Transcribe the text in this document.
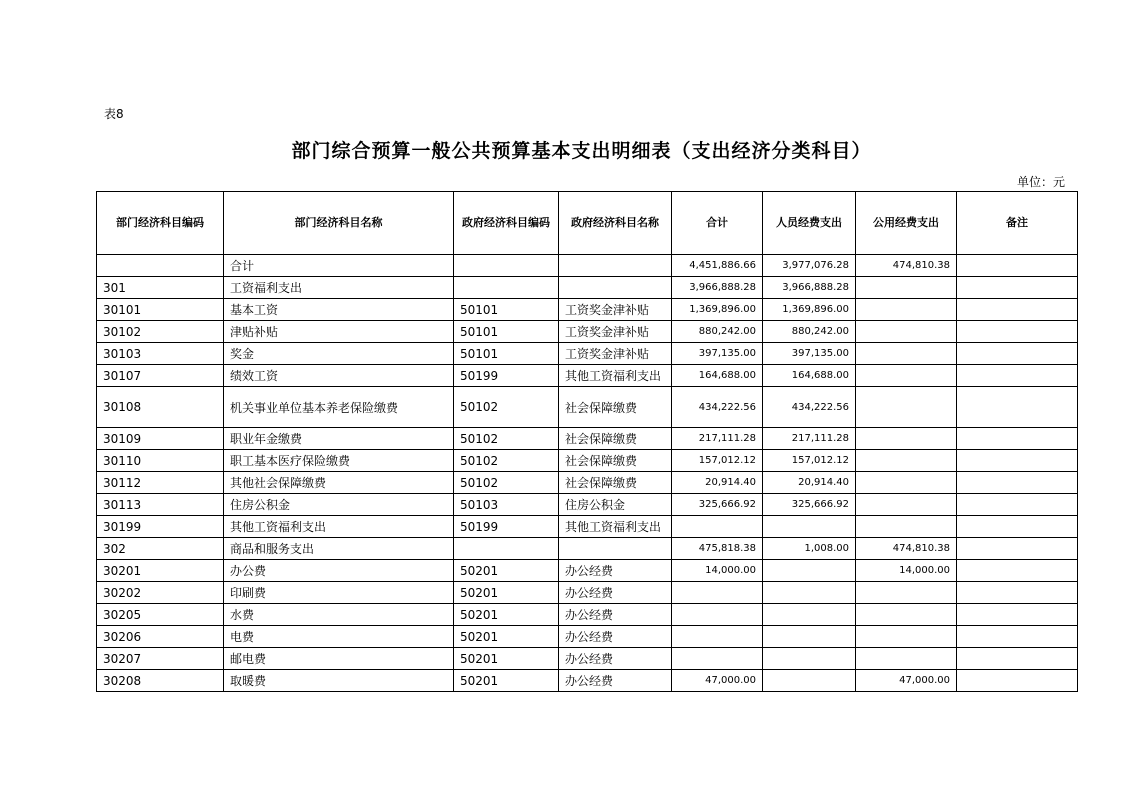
表8
部门综合预算一般公共预算基本支出明细表（支出经济分类科目）
单位：元
部门经济科目编码	部门经济科目名称	政府经济科目编码	政府经济科目名称	合计	人员经费支出	公用经费支出	备注
	合计			4,451,886.66	3,977,076.28	474,810.38	
301	工资福利支出			3,966,888.28	3,966,888.28		
30101	基本工资	50101	工资奖金津补贴	1,369,896.00	1,369,896.00		
30102	津贴补贴	50101	工资奖金津补贴	880,242.00	880,242.00		
30103	奖金	50101	工资奖金津补贴	397,135.00	397,135.00		
30107	绩效工资	50199	其他工资福利支出	164,688.00	164,688.00		
30108	机关事业单位基本养老保险缴费	50102	社会保障缴费	434,222.56	434,222.56		
30109	职业年金缴费	50102	社会保障缴费	217,111.28	217,111.28		
30110	职工基本医疗保险缴费	50102	社会保障缴费	157,012.12	157,012.12		
30112	其他社会保障缴费	50102	社会保障缴费	20,914.40	20,914.40		
30113	住房公积金	50103	住房公积金	325,666.92	325,666.92		
30199	其他工资福利支出	50199	其他工资福利支出				
302	商品和服务支出			475,818.38	1,008.00	474,810.38	
30201	办公费	50201	办公经费	14,000.00		14,000.00	
30202	印刷费	50201	办公经费				
30205	水费	50201	办公经费				
30206	电费	50201	办公经费				
30207	邮电费	50201	办公经费				
30208	取暖费	50201	办公经费	47,000.00		47,000.00	
